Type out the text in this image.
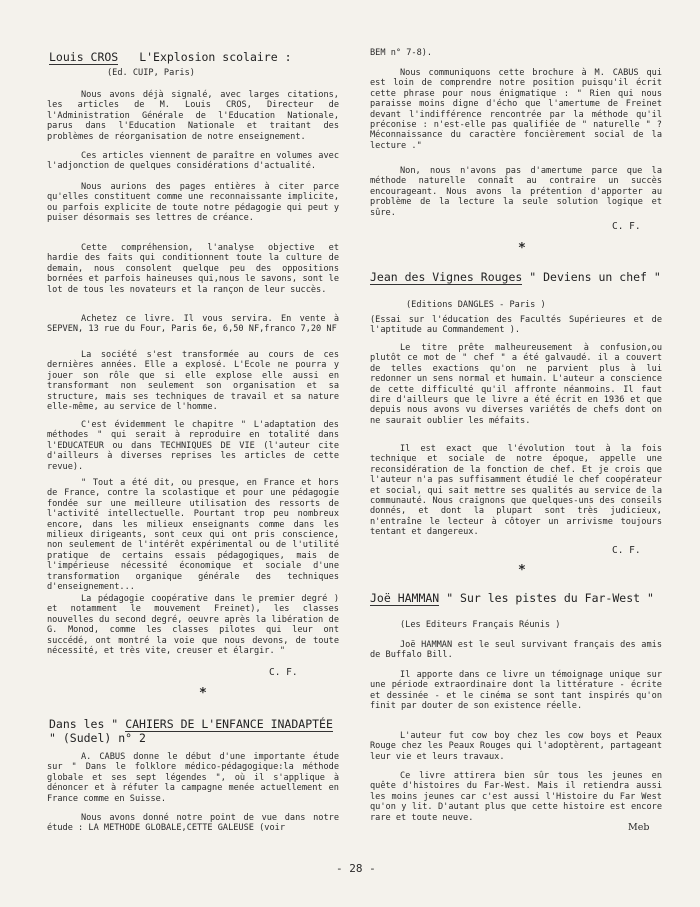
Louis CROS L'Explosion scolaire :
(Ed. CUIP, Paris)

Nous avons déjà signalé, avec larges citations, les articles de M. Louis CROS, Directeur de l'Administration Générale de l'Education Nationale, parus dans l'Education Nationale et traitant des problèmes de réorganisation de notre enseignement.

Ces articles viennent de paraître en volumes avec l'adjonction de quelques considérations d'actualité.

Nous aurions des pages entières à citer parce qu'elles constituent comme une reconnaissante implicite, ou parfois explicite de toute notre pédagogie qui peut y puiser désormais ses lettres de créance.

Cette compréhension, l'analyse objective et hardie des faits qui conditionnent toute la culture de demain, nous consolent quelque peu des oppositions bornées et parfois haineuses qui,nous le savons, sont le lot de tous les novateurs et la rançon de leur succès.

Achetez ce livre. Il vous servira. En vente à SEPVEN, 13 rue du Four, Paris 6e, 6,50 NF,franco 7,20 NF

La société s'est transformée au cours de ces dernières années. Elle a explosé. L'Ecole ne pourra y jouer son rôle que si elle explose elle aussi en transformant non seulement son organisation et sa structure, mais ses techniques de travail et sa nature elle-même, au service de l'homme.

C'est évidemment le chapitre " L'adaptation des méthodes " qui serait à reproduire en totalité dans l'EDUCATEUR ou dans TECHNIQUES DE VIE (l'auteur cite d'ailleurs à diverses reprises les articles de cette revue).

" Tout a été dit, ou presque, en France et hors de France, contre la scolastique et pour une pédagogie fondée sur une meilleure utilisation des ressorts de l'activité intellectuelle. Pourtant trop peu nombreux encore, dans les milieux enseignants comme dans les milieux dirigeants, sont ceux qui ont pris conscience, non seulement de l'intérêt expérimental ou de l'utilité pratique de certains essais pédagogiques, mais de l'impérieuse nécessité économique et sociale d'une transformation organique générale des techniques d'enseignement...

La pédagogie coopérative dans le premier degré ) et notamment le mouvement Freinet), les classes nouvelles du second degré, oeuvre après la libération de G. Monod, comme les classes pilotes qui leur ont succédé, ont montré la voie que nous devons, de toute nécessité, et très vite, creuser et élargir. "

C. F.
*
Dans les " CAHIERS DE L'ENFANCE INADAPTÉE " (Sudel) n° 2

A. CABUS donne le début d'une importante étude sur " Dans le folklore médico-pédagogique:la méthode globale et ses sept légendes ", où il s'applique à dénoncer et à réfuter la campagne menée actuellement en France comme en Suisse.

Nous avons donné notre point de vue dans notre étude : LA METHODE GLOBALE,CETTE GALEUSE (voir

BEM n° 7-8).

Nous communiquons cette brochure à M. CABUS qui est loin de comprendre notre position puisqu'il écrit cette phrase pour nous énigmatique : " Rien qui nous paraisse moins digne d'écho que l'amertume de Freinet devant l'indifférence rencontrée par la méthode qu'il préconise : n'est-elle pas qualifiée de " naturelle " ? Méconnaissance du caractère foncièrement social de la lecture ."

Non, nous n'avons pas d'amertume parce que la méthode naturelle connaît au contraire un succès encourageant. Nous avons la prétention d'apporter au problème de la lecture la seule solution logique et sûre.

C. F.
*
Jean des Vignes Rouges " Deviens un chef "
(Editions DANGLES - Paris )

(Essai sur l'éducation des Facultés Supérieures et de l'aptitude au Commandement ).

Le titre prête malheureusement à confusion,ou plutôt ce mot de " chef " a été galvaudé. il a couvert de telles exactions qu'on ne parvient plus à lui redonner un sens normal et humain. L'auteur a conscience de cette difficulté qu'il affronte néanmoins. Il faut dire d'ailleurs que le livre a été écrit en 1936 et que depuis nous avons vu diverses variétés de chefs dont on ne saurait oublier les méfaits.

Il est exact que l'évolution tout à la fois technique et sociale de notre époque, appelle une reconsidération de la fonction de chef. Et je crois que l'auteur n'a pas suffisamment étudié le chef coopérateur et social, qui sait mettre ses qualités au service de la communauté. Nous craignons que quelques-uns des conseils donnés, et dont la plupart sont très judicieux, n'entraîne le lecteur à côtoyer un arrivisme toujours tentant et dangereux.

C. F.
*
Joë HAMMAN " Sur les pistes du Far-West "
(Les Editeurs Français Réunis )

Joë HAMMAN est le seul survivant français des amis de Buffalo Bill.

Il apporte dans ce livre un témoignage unique sur une période extraordinaire dont la littérature - écrite et dessinée - et le cinéma se sont tant inspirés qu'on finit par douter de son existence réelle.

L'auteur fut cow boy chez les cow boys et Peaux Rouge chez les Peaux Rouges qui l'adoptèrent, partageant leur vie et leurs travaux.

Ce livre attirera bien sûr tous les jeunes en quête d'histoires du Far-West. Mais il retiendra aussi les moins jeunes car c'est aussi l'Histoire du Far West qu'on y lit. D'autant plus que cette histoire est encore rare et toute neuve.

Meb
- 28 -
